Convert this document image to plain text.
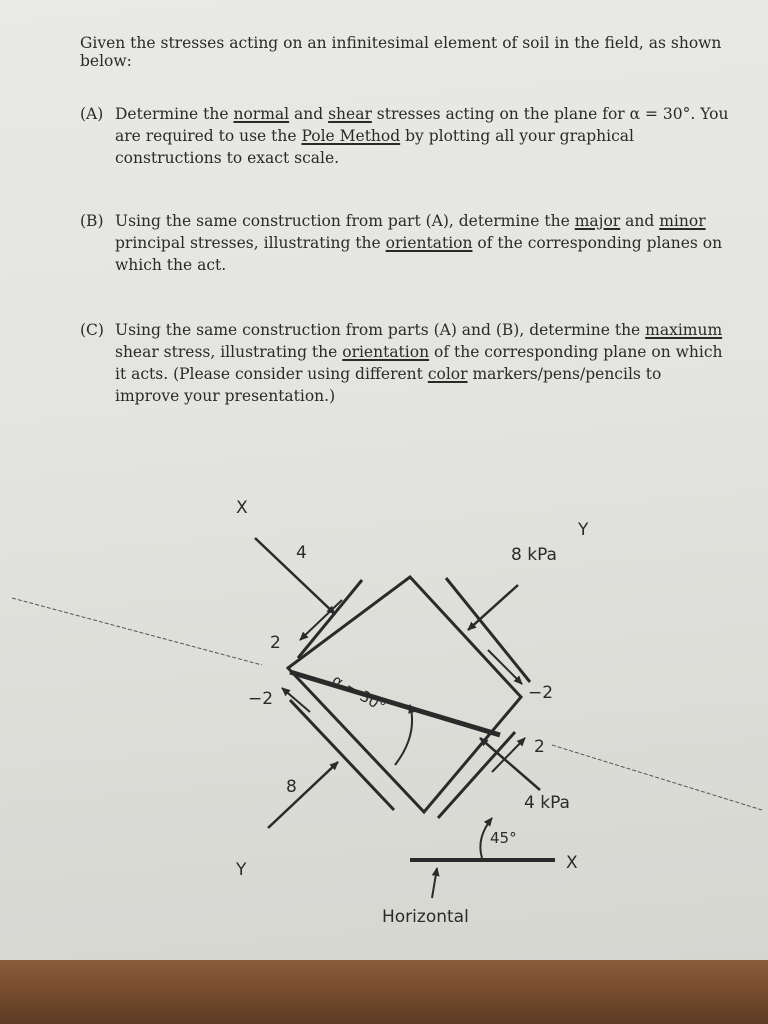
Given the stresses acting on an infinitesimal element of soil in the field, as shown below:
(A) Determine the normal and shear stresses acting on the plane for α = 30°. You are required to use the Pole Method by plotting all your graphical constructions to exact scale.
(B) Using the same construction from part (A), determine the major and minor principal stresses, illustrating the orientation of the corresponding planes on which the act.
(C) Using the same construction from parts (A) and (B), determine the maximum shear stress, illustrating the orientation of the corresponding plane on which it acts. (Please consider using different color markers/pens/pencils to improve your presentation.)
X
Y
Y	X
4	8 kPa
8
4 kPa
2
−2	−2
2
α = 30°
45°
Horizontal
